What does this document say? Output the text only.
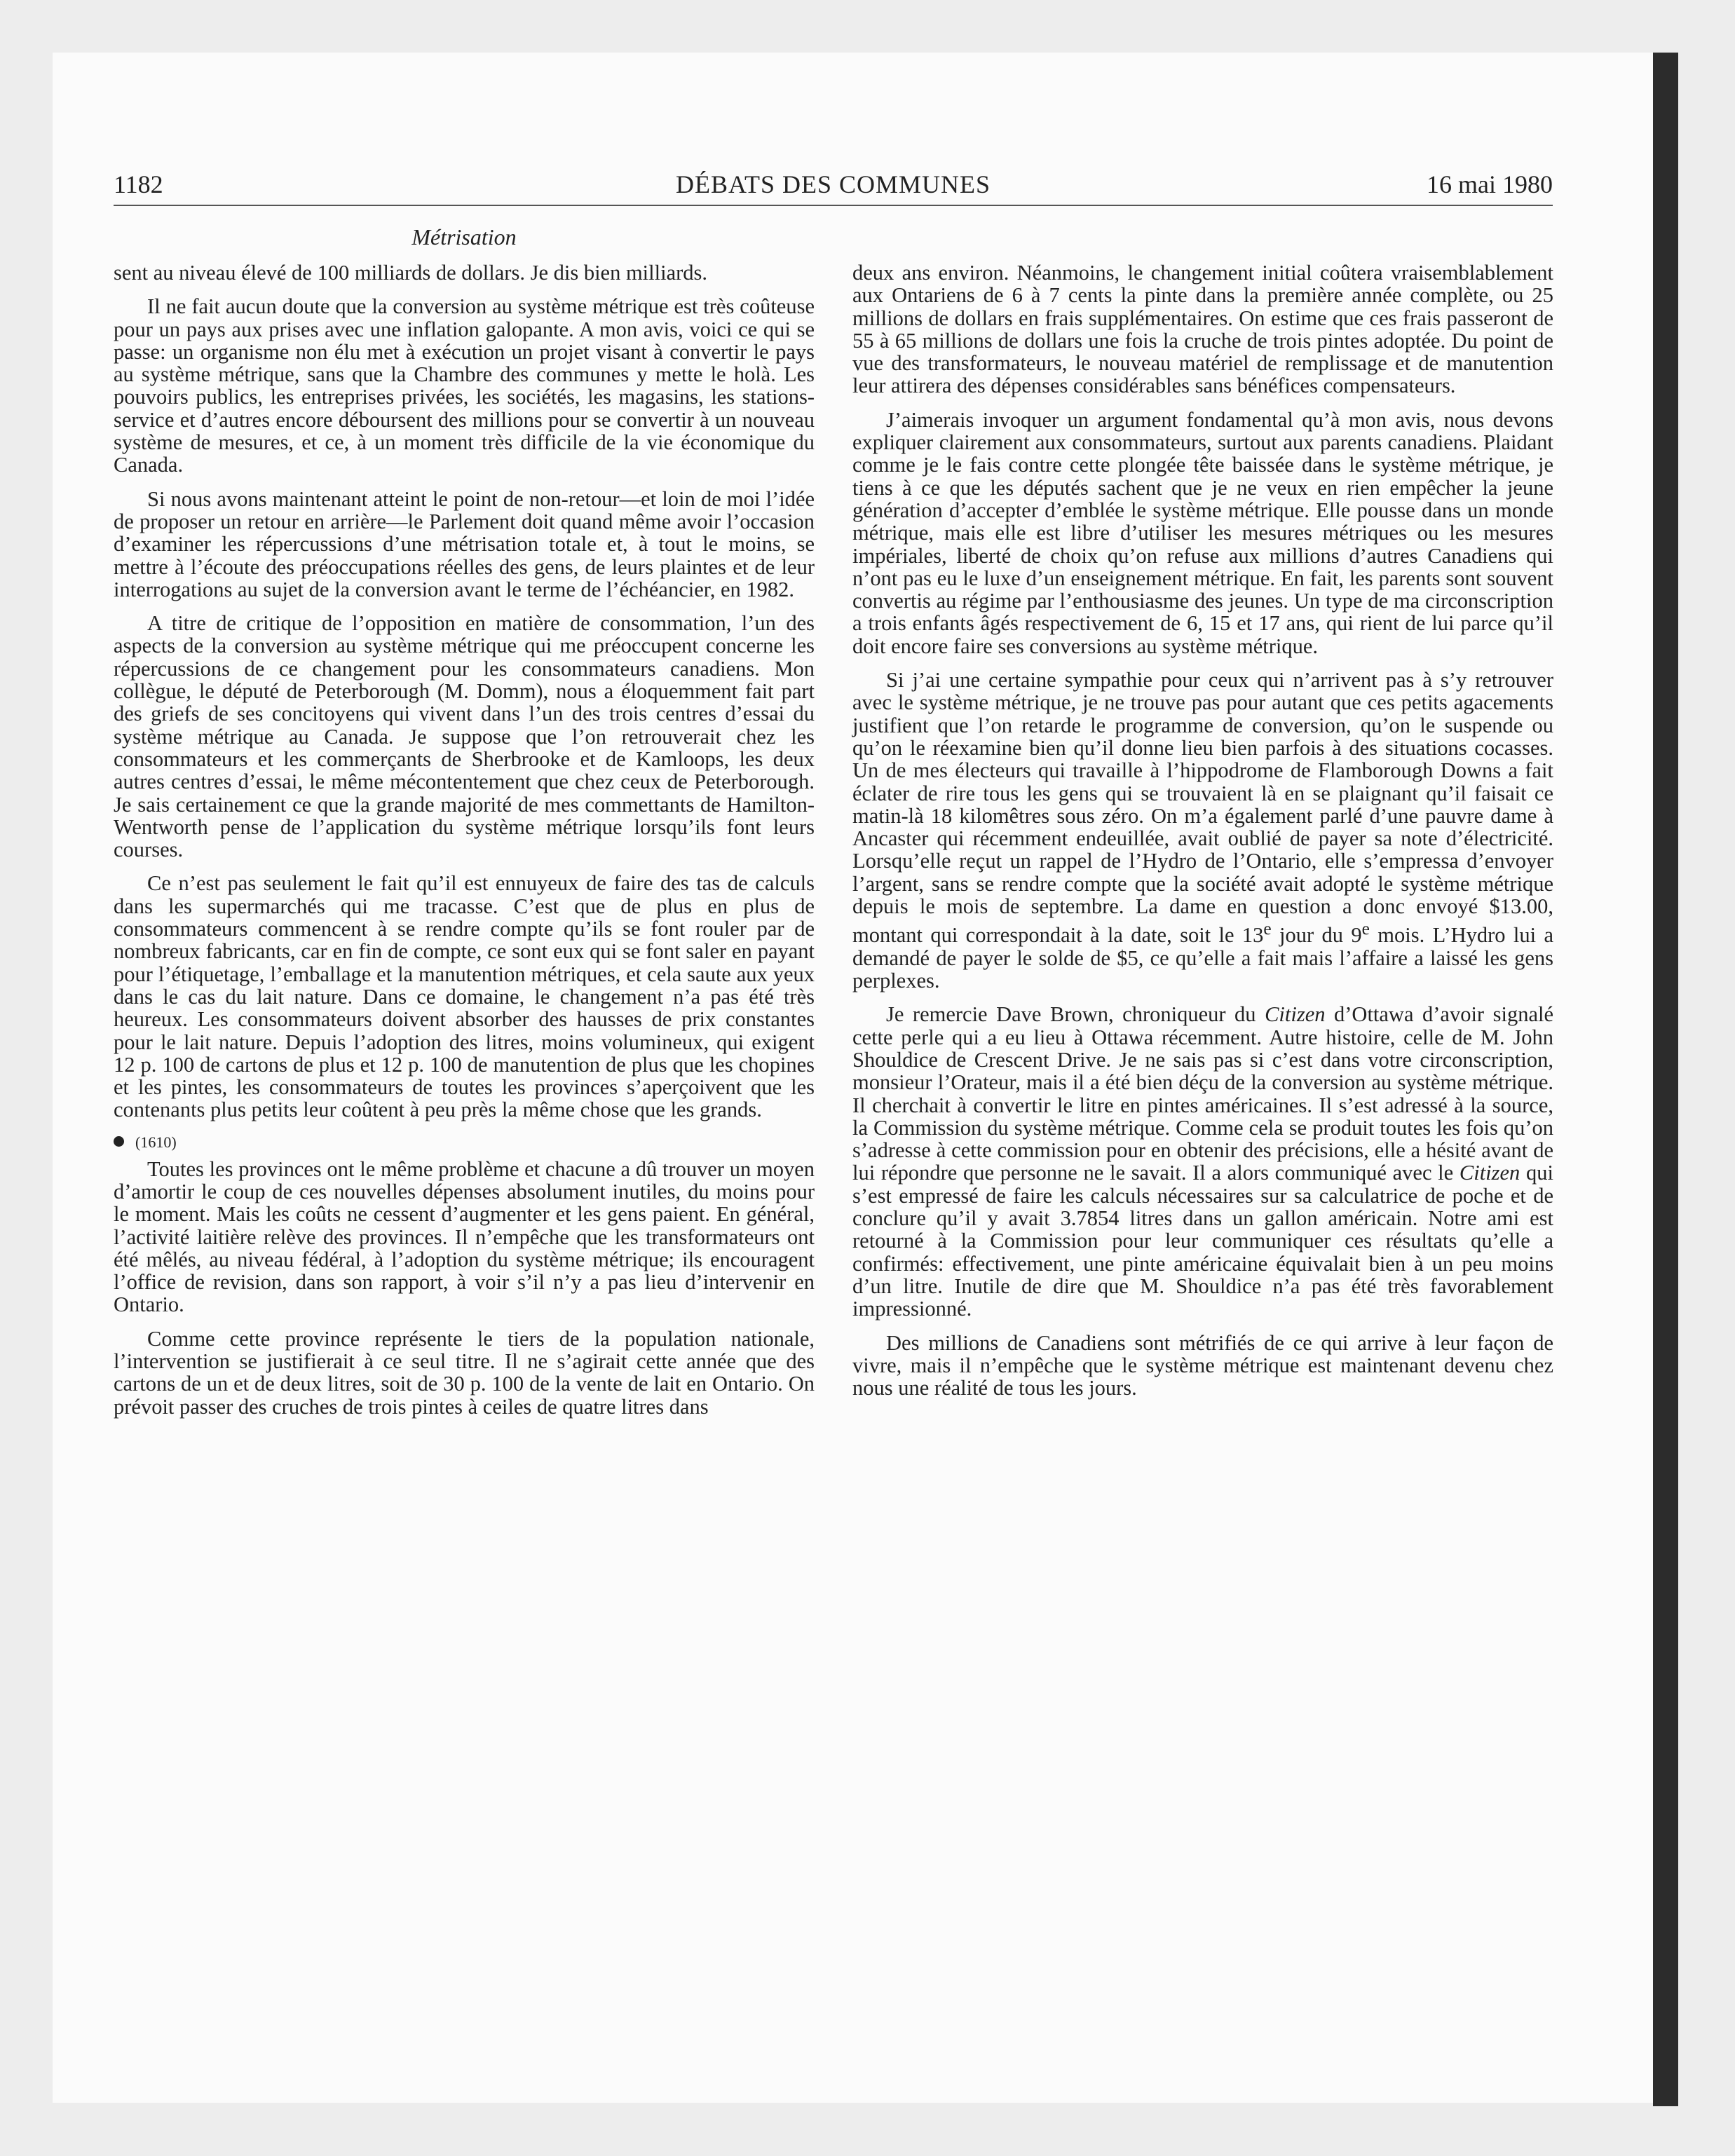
1182	DÉBATS DES COMMUNES	16 mai 1980
Métrisation

sent au niveau élevé de 100 milliards de dollars. Je dis bien milliards.

Il ne fait aucun doute que la conversion au système métrique est très coûteuse pour un pays aux prises avec une inflation galopante. A mon avis, voici ce qui se passe: un organisme non élu met à exécution un projet visant à convertir le pays au système métrique, sans que la Chambre des communes y mette le holà. Les pouvoirs publics, les entreprises privées, les sociétés, les magasins, les stations-service et d’autres encore déboursent des millions pour se convertir à un nouveau système de mesures, et ce, à un moment très difficile de la vie économique du Canada.

Si nous avons maintenant atteint le point de non-retour—et loin de moi l’idée de proposer un retour en arrière—le Parlement doit quand même avoir l’occasion d’examiner les répercussions d’une métrisation totale et, à tout le moins, se mettre à l’écoute des préoccupations réelles des gens, de leurs plaintes et de leur interrogations au sujet de la conversion avant le terme de l’échéancier, en 1982.

A titre de critique de l’opposition en matière de consommation, l’un des aspects de la conversion au système métrique qui me préoccupent concerne les répercussions de ce changement pour les consommateurs canadiens. Mon collègue, le député de Peterborough (M. Domm), nous a éloquemment fait part des griefs de ses concitoyens qui vivent dans l’un des trois centres d’essai du système métrique au Canada. Je suppose que l’on retrouverait chez les consommateurs et les commerçants de Sherbrooke et de Kamloops, les deux autres centres d’essai, le même mécontentement que chez ceux de Peterborough. Je sais certainement ce que la grande majorité de mes commettants de Hamilton-Wentworth pense de l’application du système métrique lorsqu’ils font leurs courses.

Ce n’est pas seulement le fait qu’il est ennuyeux de faire des tas de calculs dans les supermarchés qui me tracasse. C’est que de plus en plus de consommateurs commencent à se rendre compte qu’ils se font rouler par de nombreux fabricants, car en fin de compte, ce sont eux qui se font saler en payant pour l’étiquetage, l’emballage et la manutention métriques, et cela saute aux yeux dans le cas du lait nature. Dans ce domaine, le changement n’a pas été très heureux. Les consommateurs doivent absorber des hausses de prix constantes pour le lait nature. Depuis l’adoption des litres, moins volumineux, qui exigent 12 p. 100 de cartons de plus et 12 p. 100 de manutention de plus que les chopines et les pintes, les consommateurs de toutes les provinces s’aperçoivent que les contenants plus petits leur coûtent à peu près la même chose que les grands.

(1610)

Toutes les provinces ont le même problème et chacune a dû trouver un moyen d’amortir le coup de ces nouvelles dépenses absolument inutiles, du moins pour le moment. Mais les coûts ne cessent d’augmenter et les gens paient. En général, l’activité laitière relève des provinces. Il n’empêche que les transformateurs ont été mêlés, au niveau fédéral, à l’adoption du système métrique; ils encouragent l’office de revision, dans son rapport, à voir s’il n’y a pas lieu d’intervenir en Ontario.

Comme cette province représente le tiers de la population nationale, l’intervention se justifierait à ce seul titre. Il ne s’agirait cette année que des cartons de un et de deux litres, soit de 30 p. 100 de la vente de lait en Ontario. On prévoit passer des cruches de trois pintes à ceiles de quatre litres dans

deux ans environ. Néanmoins, le changement initial coûtera vraisemblablement aux Ontariens de 6 à 7 cents la pinte dans la première année complète, ou 25 millions de dollars en frais supplémentaires. On estime que ces frais passeront de 55 à 65 millions de dollars une fois la cruche de trois pintes adoptée. Du point de vue des transformateurs, le nouveau matériel de remplissage et de manutention leur attirera des dépenses considérables sans bénéfices compensateurs.

J’aimerais invoquer un argument fondamental qu’à mon avis, nous devons expliquer clairement aux consommateurs, surtout aux parents canadiens. Plaidant comme je le fais contre cette plongée tête baissée dans le système métrique, je tiens à ce que les députés sachent que je ne veux en rien empêcher la jeune génération d’accepter d’emblée le système métrique. Elle pousse dans un monde métrique, mais elle est libre d’utiliser les mesures métriques ou les mesures impériales, liberté de choix qu’on refuse aux millions d’autres Canadiens qui n’ont pas eu le luxe d’un enseignement métrique. En fait, les parents sont souvent convertis au régime par l’enthousiasme des jeunes. Un type de ma circonscription a trois enfants âgés respectivement de 6, 15 et 17 ans, qui rient de lui parce qu’il doit encore faire ses conversions au système métrique.

Si j’ai une certaine sympathie pour ceux qui n’arrivent pas à s’y retrouver avec le système métrique, je ne trouve pas pour autant que ces petits agacements justifient que l’on retarde le programme de conversion, qu’on le suspende ou qu’on le réexamine bien qu’il donne lieu bien parfois à des situations cocasses. Un de mes électeurs qui travaille à l’hippodrome de Flamborough Downs a fait éclater de rire tous les gens qui se trouvaient là en se plaignant qu’il faisait ce matin-là 18 kilomêtres sous zéro. On m’a également parlé d’une pauvre dame à Ancaster qui récemment endeuillée, avait oublié de payer sa note d’électricité. Lorsqu’elle reçut un rappel de l’Hydro de l’Ontario, elle s’empressa d’envoyer l’argent, sans se rendre compte que la société avait adopté le système métrique depuis le mois de septembre. La dame en question a donc envoyé $13.00, montant qui correspondait à la date, soit le 13e jour du 9e mois. L’Hydro lui a demandé de payer le solde de $5, ce qu’elle a fait mais l’affaire a laissé les gens perplexes.

Je remercie Dave Brown, chroniqueur du Citizen d’Ottawa d’avoir signalé cette perle qui a eu lieu à Ottawa récemment. Autre histoire, celle de M. John Shouldice de Crescent Drive. Je ne sais pas si c’est dans votre circonscription, monsieur l’Orateur, mais il a été bien déçu de la conversion au système métrique. Il cherchait à convertir le litre en pintes américaines. Il s’est adressé à la source, la Commission du système métrique. Comme cela se produit toutes les fois qu’on s’adresse à cette commission pour en obtenir des précisions, elle a hésité avant de lui répondre que personne ne le savait. Il a alors communiqué avec le Citizen qui s’est empressé de faire les calculs nécessaires sur sa calculatrice de poche et de conclure qu’il y avait 3.7854 litres dans un gallon américain. Notre ami est retourné à la Commission pour leur communiquer ces résultats qu’elle a confirmés: effectivement, une pinte américaine équivalait bien à un peu moins d’un litre. Inutile de dire que M. Shouldice n’a pas été très favorablement impressionné.

Des millions de Canadiens sont métrifiés de ce qui arrive à leur façon de vivre, mais il n’empêche que le système métrique est maintenant devenu chez nous une réalité de tous les jours.
